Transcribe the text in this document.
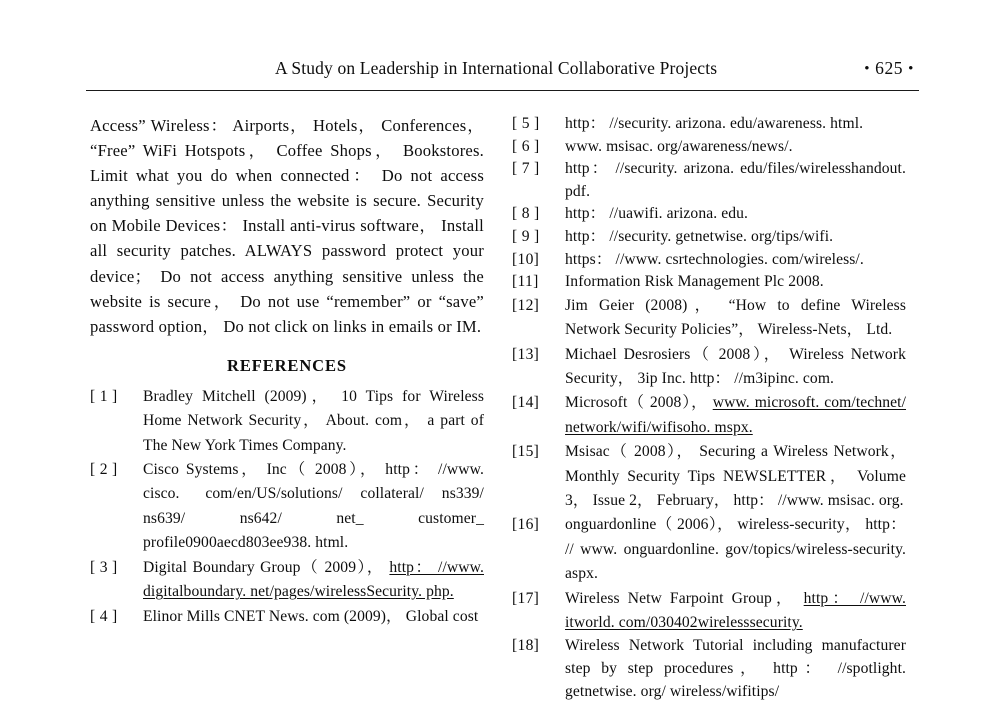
A Study on Leadership in International Collaborative Projects	• 625 •

Access” Wireless： Airports， Hotels， Conferences， “Free” WiFi Hotspots， Coffee Shops， Bookstores. Limit what you do when connected： Do not access anything sensitive unless the website is secure. Security on Mobile Devices： Install anti-virus software， Install all security patches. ALWAYS password protect your device； Do not access anything sensitive unless the website is secure， Do not use “remember” or “save” password option， Do not click on links in emails or IM.

REFERENCES
[ 1 ]	Bradley Mitchell (2009)， 10 Tips for Wireless Home Network Security， About. com， a part of The New York Times Company.
[ 2 ]	Cisco Systems， Inc（ 2008）， http： //www. cisco.  com/en/US/solutions/ collateral/ ns339/ ns639/   ns642/   net_   customer_ profile0900aecd803ee938. html.
[ 3 ]	Digital Boundary Group（ 2009）， http： //www. digitalboundary. net/pages/wirelessSecurity. php.
[ 4 ]	Elinor Mills CNET News. com (2009)， Global cost
[ 5 ]	http： //security. arizona. edu/awareness. html.
[ 6 ]	www. msisac. org/awareness/news/.
[ 7 ]	http： //security. arizona. edu/files/wirelesshandout. pdf.
[ 8 ]	http： //uawifi. arizona. edu.
[ 9 ]	http： //security. getnetwise. org/tips/wifi.
[10]	https： //www. csrtechnologies. com/wireless/.
[11]	Information Risk Management Plc 2008.
[12]	Jim Geier (2008)， “How to define Wireless Network Security Policies”， Wireless-Nets， Ltd.
[13]	Michael Desrosiers（ 2008）， Wireless Network Security， 3ip Inc. http： //m3ipinc. com.
[14]	Microsoft（ 2008）， www. microsoft. com/technet/ network/wifi/wifisoho. mspx.
[15]	Msisac（ 2008）， Securing a Wireless Network， Monthly Security Tips NEWSLETTER， Volume 3， Issue 2， February， http： //www. msisac. org.
[16]	onguardonline（ 2006）， wireless-security， http： // www. onguardonline. gov/topics/wireless-security. aspx.
[17]	Wireless Netw Farpoint Group， http： //www. itworld. com/030402wirelesssecurity.
[18]	Wireless Network Tutorial including manufacturer step by step procedures， http： //spotlight. getnetwise. org/ wireless/wifitips/
